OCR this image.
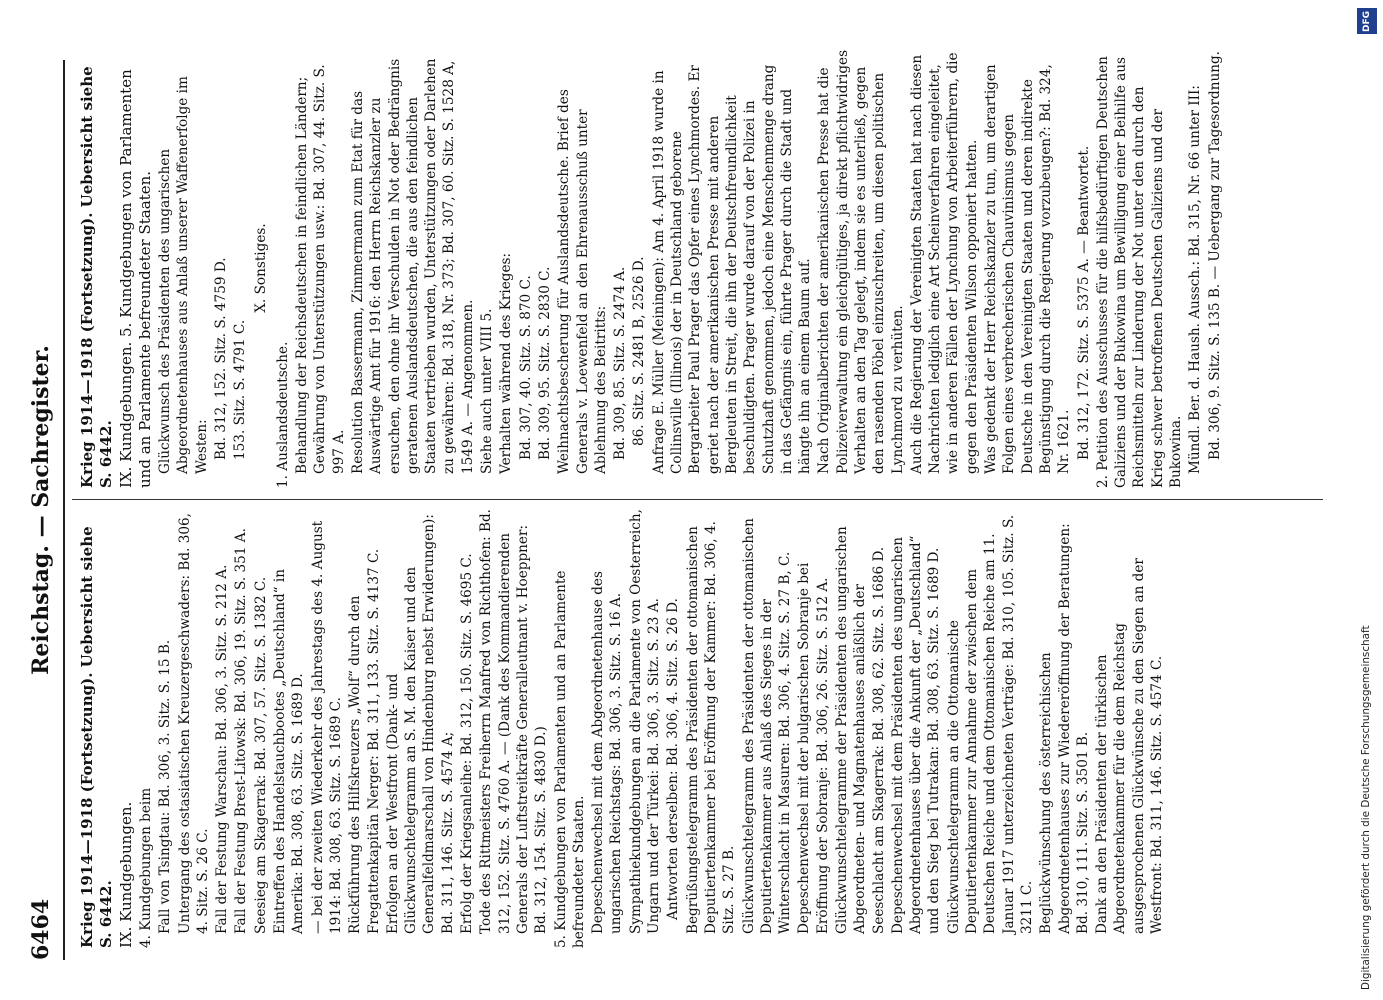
6464
Reichstag. — Sachregister.

Krieg 1914—1918 (Fortsetzung). Uebersicht siehe S. 6442. IX. Kundgebungen. 4. Kundgebungen beim Fall von Tsingtau: Bd. 306, 3. Sitz. S. 15 B. Untergang des ostasiatischen Kreuzergeschwaders: Bd. 306, 4. Sitz. S. 26 C. Fall der Festung Warschau: Bd. 306, 3. Sitz. S. 212 A. Fall der Festung Brest-Litowsk: Bd. 306, 19. Sitz. S. 351 A. Seesieg am Skagerrak: Bd. 307, 57. Sitz. S. 1382 C. Eintreffen des Handelstauchbootes „Deutschland“ in Amerika: Bd. 308, 63. Sitz. S. 1689 D. — bei der zweiten Wiederkehr des Jahrestags des 4. August 1914: Bd. 308, 63. Sitz. S. 1689 C. Rückführung des Hilfskreuzers „Wolf“ durch den Fregattenkapitän Nerger: Bd. 311, 133. Sitz. S. 4137 C. Erfolgen an der Westfront (Dank- und Glückwunschtelegramm an S. M. den Kaiser und den Generalfeldmarschall von Hindenburg nebst Erwiderungen): Bd. 311, 146. Sitz. S. 4574 A; Erfolg der Kriegsanleihe: Bd. 312, 150. Sitz. S. 4695 C. Tode des Rittmeisters Freiherrn Manfred von Richthofen: Bd. 312, 152. Sitz. S. 4760 A. — (Dank des Kommandierenden Generals der Luftstreitkräfte Generalleutnant v. Hoeppner: Bd. 312, 154. Sitz. S. 4830 D.) 5. Kundgebungen von Parlamenten und an Parlamente befreundeter Staaten. Depeschenwechsel mit dem Abgeordnetenhause des ungarischen Reichstags: Bd. 306, 3. Sitz. S. 16 A. Sympathiekundgebungen an die Parlamente von Oesterreich, Ungarn und der Türkei: Bd. 306, 3. Sitz. S. 23 A. Antworten derselben: Bd. 306, 4. Sitz. S. 26 D. Begrüßungstelegramm des Präsidenten der ottomanischen Deputiertenkammer bei Eröffnung der Kammer: Bd. 306, 4. Sitz. S. 27 B. Glückwunschtelegramm des Präsidenten der ottomanischen Deputiertenkammer aus Anlaß des Sieges in der Winterschlacht in Masuren: Bd. 306, 4. Sitz. S. 27 B, C. Depeschenwechsel mit der bulgarischen Sobranje bei Eröffnung der Sobranje: Bd. 306, 26. Sitz. S. 512 A. Glückwunschtelegramme der Präsidenten des ungarischen Abgeordneten- und Magnatenhauses anläßlich der Seeschlacht am Skagerrak: Bd. 308, 62. Sitz. S. 1686 D. Depeschenwechsel mit dem Präsidenten des ungarischen Abgeordnetenhauses über die Ankunft der „Deutschland“ und den Sieg bei Tutrakan: Bd. 308, 63. Sitz. S. 1689 D. Glückwunschtelegramm an die Ottomanische Deputiertenkammer zur Annahme der zwischen dem Deutschen Reiche und dem Ottomanischen Reiche am 11. Januar 1917 unterzeichneten Verträge: Bd. 310, 105. Sitz. S. 3211 C. Beglückwünschung des österreichischen Abgeordnetenhauses zur Wiedereröffnung der Beratungen: Bd. 310, 111. Sitz. S. 3501 B. Dank an den Präsidenten der türkischen Abgeordnetenkammer für die dem Reichstag ausgesprochenen Glückwünsche zu den Siegen an der Westfront: Bd. 311, 146. Sitz. S. 4574 C.

Krieg 1914—1918 (Fortsetzung). Uebersicht siehe S. 6442. IX. Kundgebungen. 5. Kundgebungen von Parlamenten und an Parlamente befreundeter Staaten. Glückwunsch des Präsidenten des ungarischen Abgeordnetenhauses aus Anlaß unserer Waffenerfolge im Westen: Bd. 312, 152. Sitz. S. 4759 D. 153. Sitz. S. 4791 C.

X. Sonstiges.

1. Auslandsdeutsche. Behandlung der Reichsdeutschen in feindlichen Ländern; Gewährung von Unterstützungen usw.: Bd. 307, 44. Sitz. S. 997 A. Resolution Bassermann, Zimmermann zum Etat für das Auswärtige Amt für 1916: den Herrn Reichskanzler zu ersuchen, den ohne ihr Verschulden in Not oder Bedrängnis geratenen Auslandsdeutschen, die aus den feindlichen Staaten vertrieben wurden, Unterstützungen oder Darlehen zu gewähren: Bd. 318, Nr. 373; Bd. 307, 60. Sitz. S. 1528 A, 1549 A. — Angenommen. Siehe auch unter VIII 5. Verhalten während des Krieges: Bd. 307, 40. Sitz. S. 870 C. Bd. 309, 95. Sitz. S. 2830 C. Weihnachtsbescherung für Auslandsdeutsche. Brief des Generals v. Loewenfeld an den Ehrenausschuß unter Ablehnung des Beitritts: Bd. 309, 85. Sitz. S. 2474 A. 86. Sitz. S. 2481 B, 2526 D. Anfrage E. Müller (Meiningen): Am 4. April 1918 wurde in Collinsville (Illinois) der in Deutschland geborene Bergarbeiter Paul Prager das Opfer eines Lynchmordes. Er geriet nach der amerikanischen Presse mit anderen Bergleuten in Streit, die ihn der Deutschfreundlichkeit beschuldigten. Prager wurde darauf von der Polizei in Schutzhaft genommen, jedoch eine Menschenmenge drang in das Gefängnis ein, führte Prager durch die Stadt und hängte ihn an einem Baum auf. Nach Originalberichten der amerikanischen Presse hat die Polizeiverwaltung ein gleichgültiges, ja direkt pflichtwidriges Verhalten an den Tag gelegt, indem sie es unterließ, gegen den rasenden Pöbel einzuschreiten, um diesen politischen Lynchmord zu verhüten. Auch die Regierung der Vereinigten Staaten hat nach diesen Nachrichten lediglich eine Art Scheinverfahren eingeleitet, wie in anderen Fällen der Lynchung von Arbeiterführern, die gegen den Präsidenten Wilson opponiert hatten. Was gedenkt der Herr Reichskanzler zu tun, um derartigen Folgen eines verbrecherischen Chauvinismus gegen Deutsche in den Vereinigten Staaten und deren indirekte Begünstigung durch die Regierung vorzubeugen?: Bd. 324, Nr. 1621. Bd. 312, 172. Sitz. S. 5375 A. — Beantwortet. 2. Petition des Ausschusses für die hilfsbedürftigen Deutschen Galiziens und der Bukowina um Bewilligung einer Beihilfe aus Reichsmitteln zur Linderung der Not unter den durch den Krieg schwer betroffenen Deutschen Galiziens und der Bukowina. Mündl. Ber. d. Haush. Aussch.: Bd. 315, Nr. 66 unter III: Bd. 306, 9. Sitz. S. 135 B. — Uebergang zur Tagesordnung.

DFG
Digitalisierung gefördert durch die Deutsche Forschungsgemeinschaft
